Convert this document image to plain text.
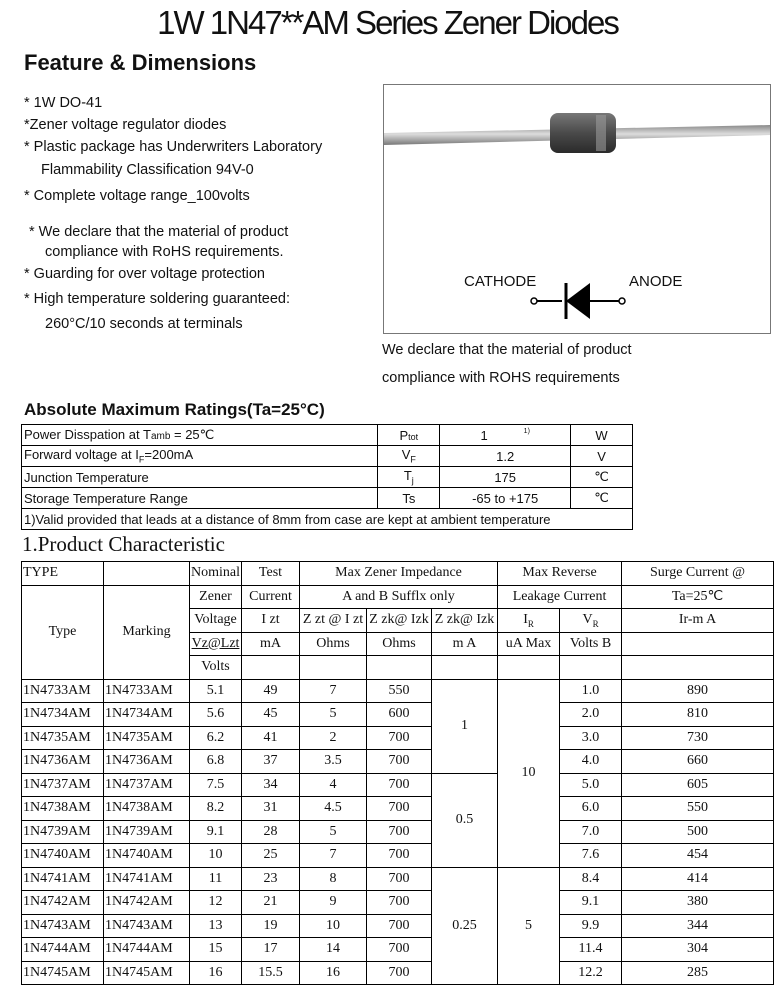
1W 1N47**AM Series Zener Diodes
Feature & Dimensions
* 1W DO-41
*Zener voltage regulator diodes
* Plastic package has Underwriters Laboratory
Flammability Classification 94V-0
* Complete voltage range_100volts
* We declare that the material of product
compliance with RoHS requirements.
* Guarding for over voltage protection
* High temperature soldering guaranteed:
260°C/10 seconds at terminals
CATHODE	ANODE
We declare that the material of product
compliance with ROHS requirements
Absolute Maximum Ratings(Ta=25°C)
Power Disspation at Tamb = 25℃	Ptot	1 $^{1)}$	W
Forward voltage at $I_F=200mA$	$V_F$	1.2	V
Junction Temperature	$T_j$	175	℃
Storage Temperature Range	Ts	-65 to +175	℃
1)Valid provided that leads at a distance of 8mm from case are kept at ambient temperature			
1.Product Characteristic
TYPE		Nominal	Test	Max Zener Impedance			Max Reverse		Surge Current @
Type	Marking	Zener	Current	A and B Sufflx only			Leakage Current		Ta=25℃
		Voltage	I zt	Z zt @ I zt	Z zk@ Izk	Z zk@ Izk	$I_R$	$V_R$	Ir-m A
		Vz@Lzt	mA	Ohms	Ohms	m A	uA Max	Volts B	
		Volts							
1N4733AM	1N4733AM	5.1	49	7	550	1	10	1.0	890
1N4734AM	1N4734AM	5.6	45	5	600			2.0	810
1N4735AM	1N4735AM	6.2	41	2	700			3.0	730
1N4736AM	1N4736AM	6.8	37	3.5	700			4.0	660
1N4737AM	1N4737AM	7.5	34	4	700	0.5		5.0	605
1N4738AM	1N4738AM	8.2	31	4.5	700			6.0	550
1N4739AM	1N4739AM	9.1	28	5	700			7.0	500
1N4740AM	1N4740AM	10	25	7	700			7.6	454
1N4741AM	1N4741AM	11	23	8	700	0.25	5	8.4	414
1N4742AM	1N4742AM	12	21	9	700			9.1	380
1N4743AM	1N4743AM	13	19	10	700			9.9	344
1N4744AM	1N4744AM	15	17	14	700			11.4	304
1N4745AM	1N4745AM	16	15.5	16	700			12.2	285
